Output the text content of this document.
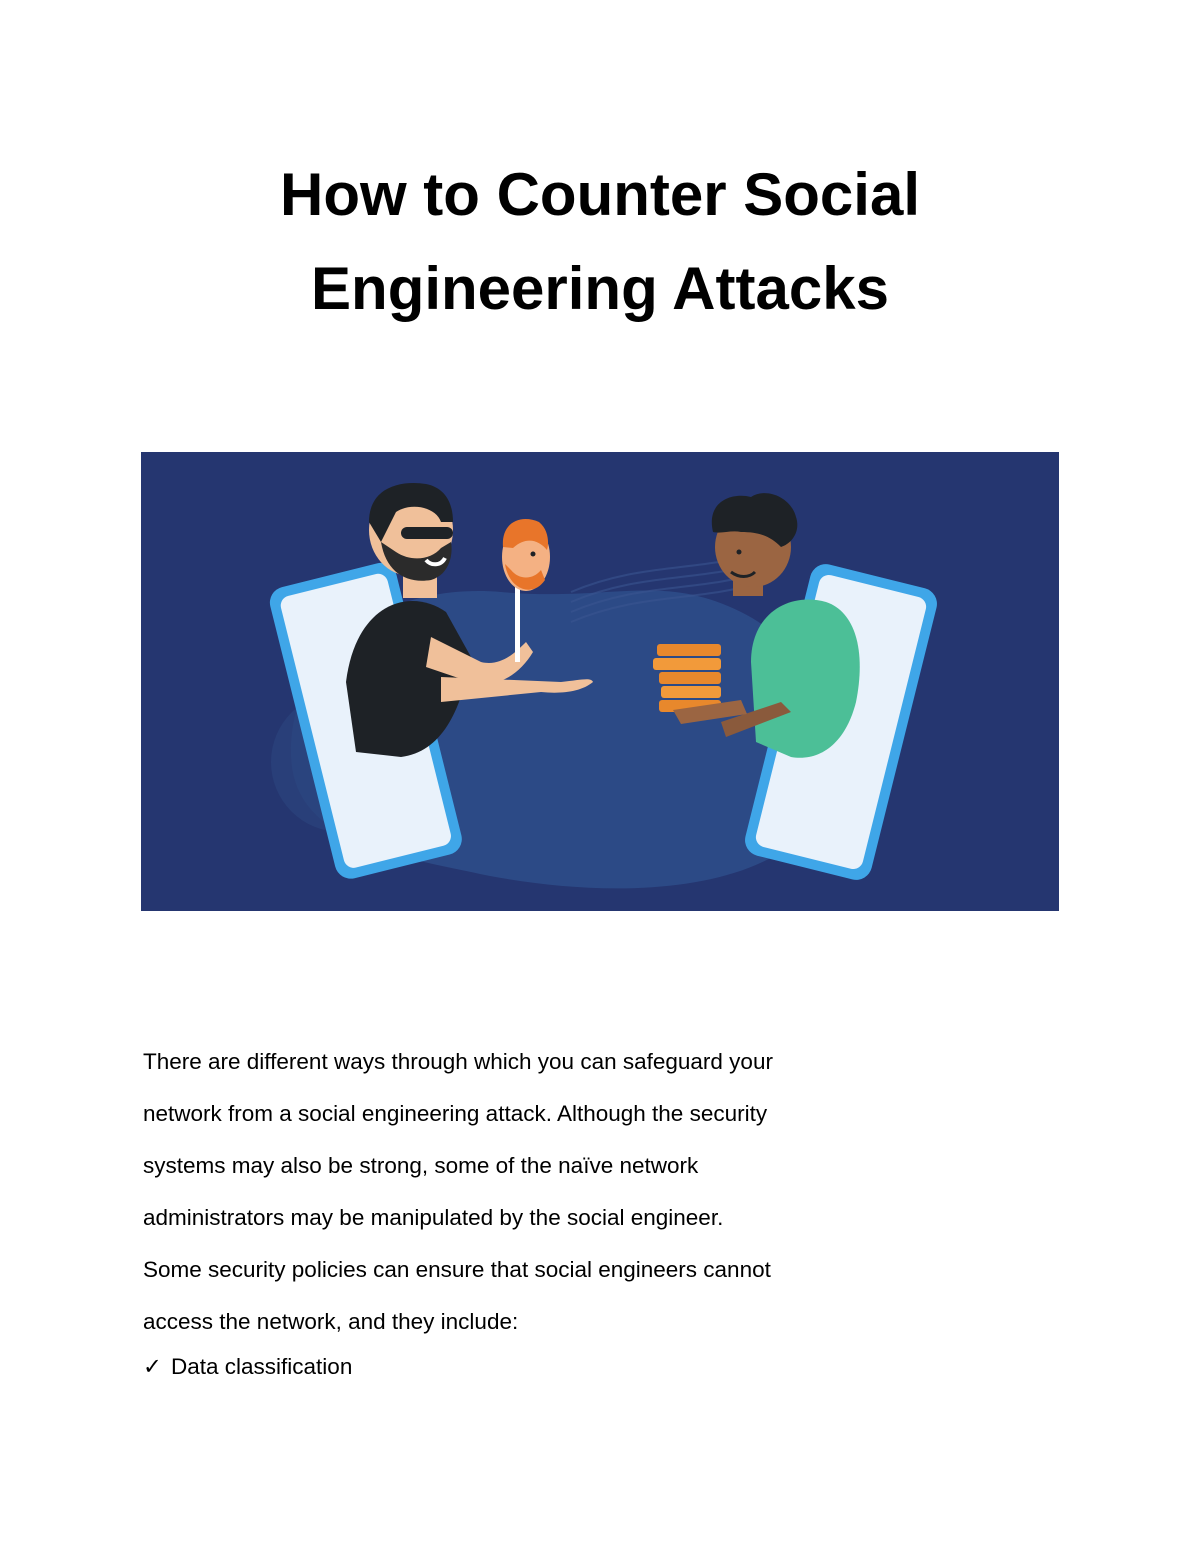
How to Counter Social
Engineering Attacks

There are different ways through which you can safeguard your

network from a social engineering attack. Although the security

systems may also be strong, some of the naïve network

administrators may be manipulated by the social engineer.

Some security policies can ensure that social engineers cannot

access the network, and they include:

✓ Data classification
